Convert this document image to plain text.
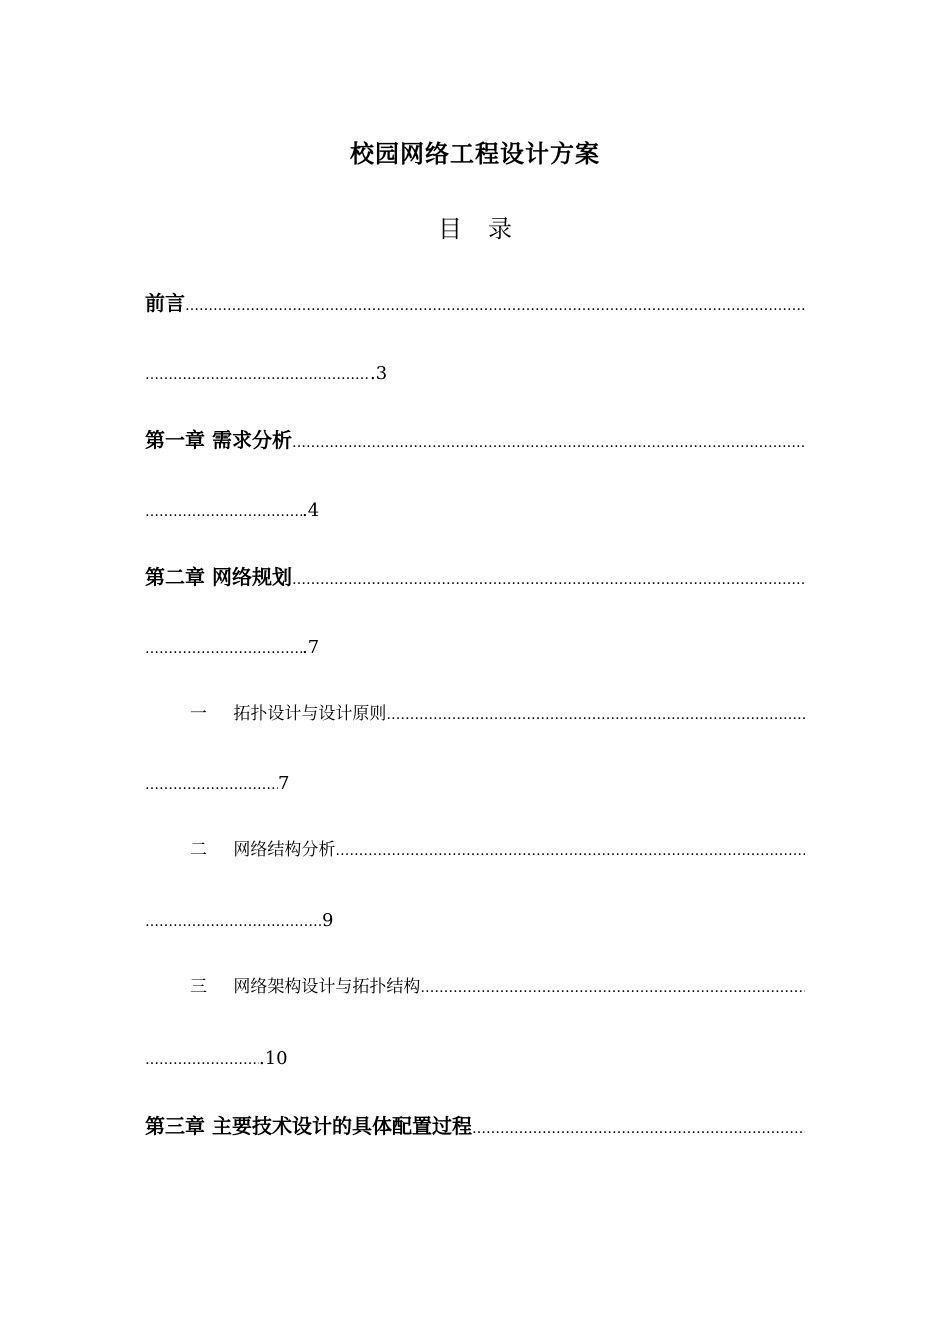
校园网络工程设计方案
目录
前言
……………………………………………………………………………………………………………………………………………………………………………
………………………………………………………………………………
.3
第一章 需求分析
……………………………………………………………………………………………………………………………………………………………………………
………………………………………………………………………………
.4
第二章 网络规划
……………………………………………………………………………………………………………………………………………………………………………
………………………………………………………………………………
.7
一 拓扑设计与设计原则
……………………………………………………………………………………………………………………………………………………………………………
………………………………………………………………………………
7
二 网络结构分析
……………………………………………………………………………………………………………………………………………………………………………
………………………………………………………………………………
9
三 网络架构设计与拓扑结构
……………………………………………………………………………………………………………………………………………………………………………
………………………………………………………………………………
.10
第三章 主要技术设计的具体配置过程
……………………………………………………………………………………………………………………………………………………………………………
